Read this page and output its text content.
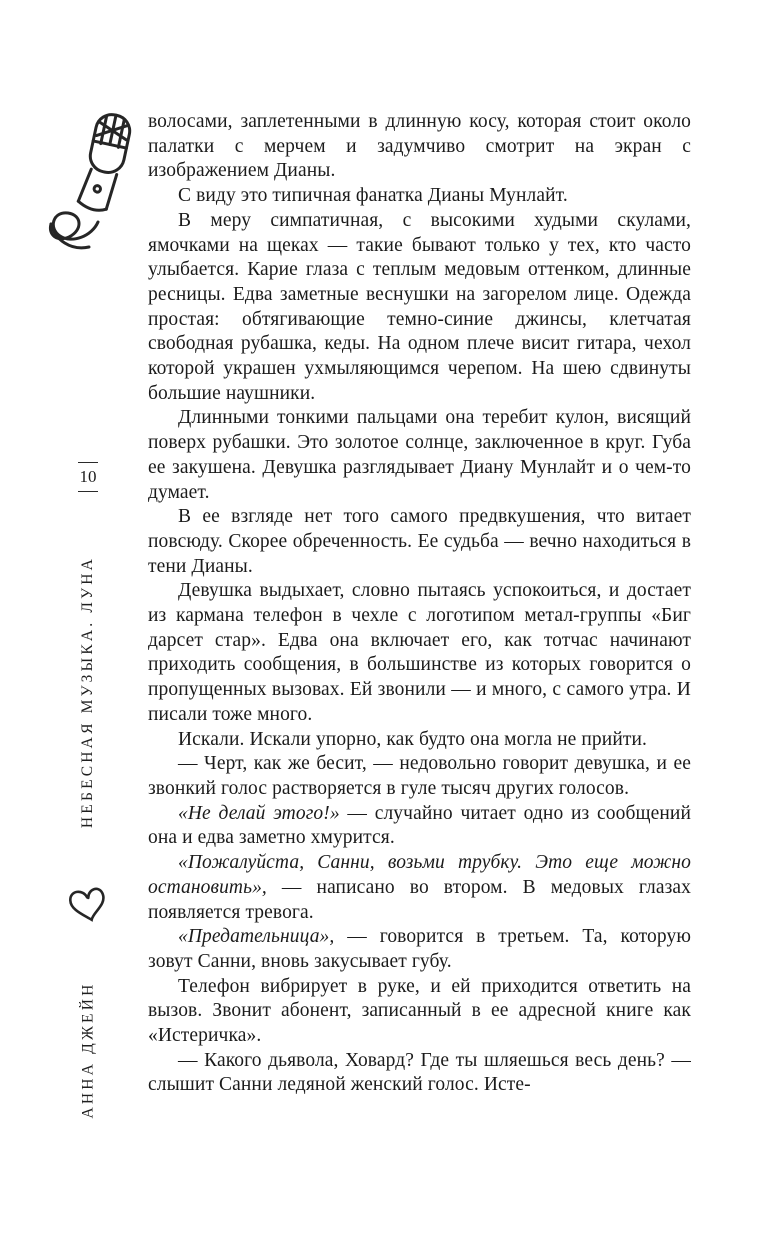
10
НЕБЕСНАЯ МУЗЫКА. ЛУНА
АННА ДЖЕЙН

волосами, заплетенными в длинную косу, которая стоит около палатки с мерчем и задумчиво смотрит на экран с изображением Дианы.

С виду это типичная фанатка Дианы Мунлайт.

В меру симпатичная, с высокими худыми скулами, ямочками на щеках — такие бывают только у тех, кто часто улыбается. Карие глаза с теплым медовым оттенком, длинные ресницы. Едва заметные веснушки на загорелом лице. Одежда простая: обтягивающие темно-синие джинсы, клетчатая свободная рубашка, кеды. На одном плече висит гитара, чехол которой украшен ухмыляющимся черепом. На шею сдвинуты большие наушники.

Длинными тонкими пальцами она теребит кулон, висящий поверх рубашки. Это золотое солнце, заключенное в круг. Губа ее закушена. Девушка разглядывает Диану Мунлайт и о чем-то думает.

В ее взгляде нет того самого предвкушения, что витает повсюду. Скорее обреченность. Ее судьба — вечно находиться в тени Дианы.

Девушка выдыхает, словно пытаясь успокоиться, и достает из кармана телефон в чехле с логотипом метал-группы «Биг дарсет стар». Едва она включает его, как тотчас начинают приходить сообщения, в большинстве из которых говорится о пропущенных вызовах. Ей звонили — и много, с самого утра. И писали тоже много.

Искали. Искали упорно, как будто она могла не прийти.

— Черт, как же бесит, — недовольно говорит девушка, и ее звонкий голос растворяется в гуле тысяч других голосов.

«Не делай этого!» — случайно читает одно из сообщений она и едва заметно хмурится.

«Пожалуйста, Санни, возьми трубку. Это еще можно остановить», — написано во втором. В медовых глазах появляется тревога.

«Предательница», — говорится в третьем. Та, которую зовут Санни, вновь закусывает губу.

Телефон вибрирует в руке, и ей приходится ответить на вызов. Звонит абонент, записанный в ее адресной книге как «Истеричка».

— Какого дьявола, Ховард? Где ты шляешься весь день? — слышит Санни ледяной женский голос. Исте-
